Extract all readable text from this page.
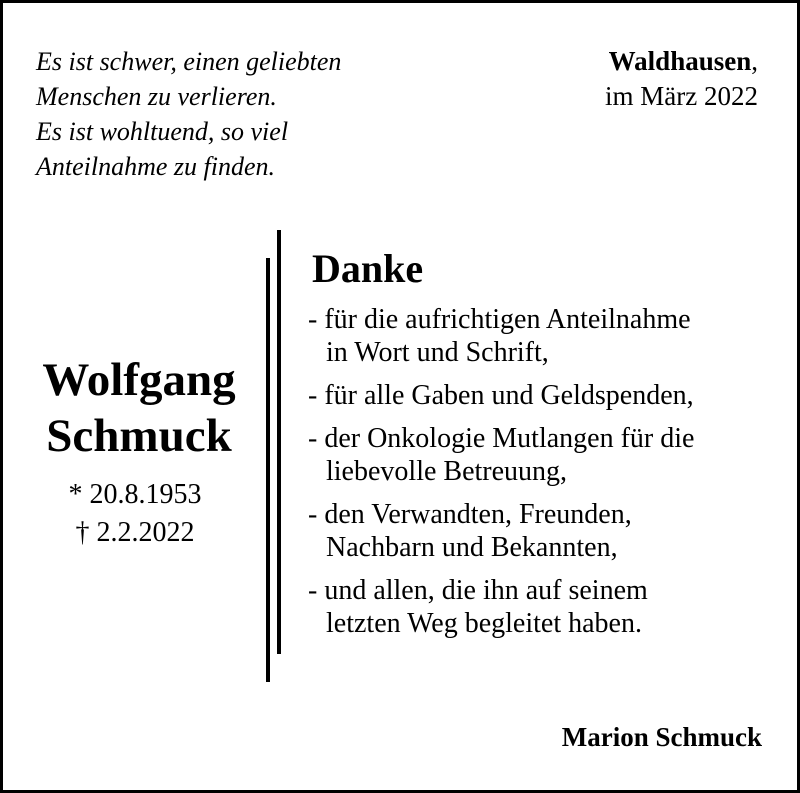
Es ist schwer, einen geliebten
Menschen zu verlieren.
Es ist wohltuend, so viel
Anteilnahme zu finden.
Waldhausen,
im März 2022
Wolfgang
Schmuck
* 20.8.1953
† 2.2.2022
Danke
- für die aufrichtigen Anteilnahme
in Wort und Schrift,
- für alle Gaben und Geldspenden,
- der Onkologie Mutlangen für die
liebevolle Betreuung,
- den Verwandten, Freunden,
Nachbarn und Bekannten,
- und allen, die ihn auf seinem
letzten Weg begleitet haben.
Marion Schmuck
